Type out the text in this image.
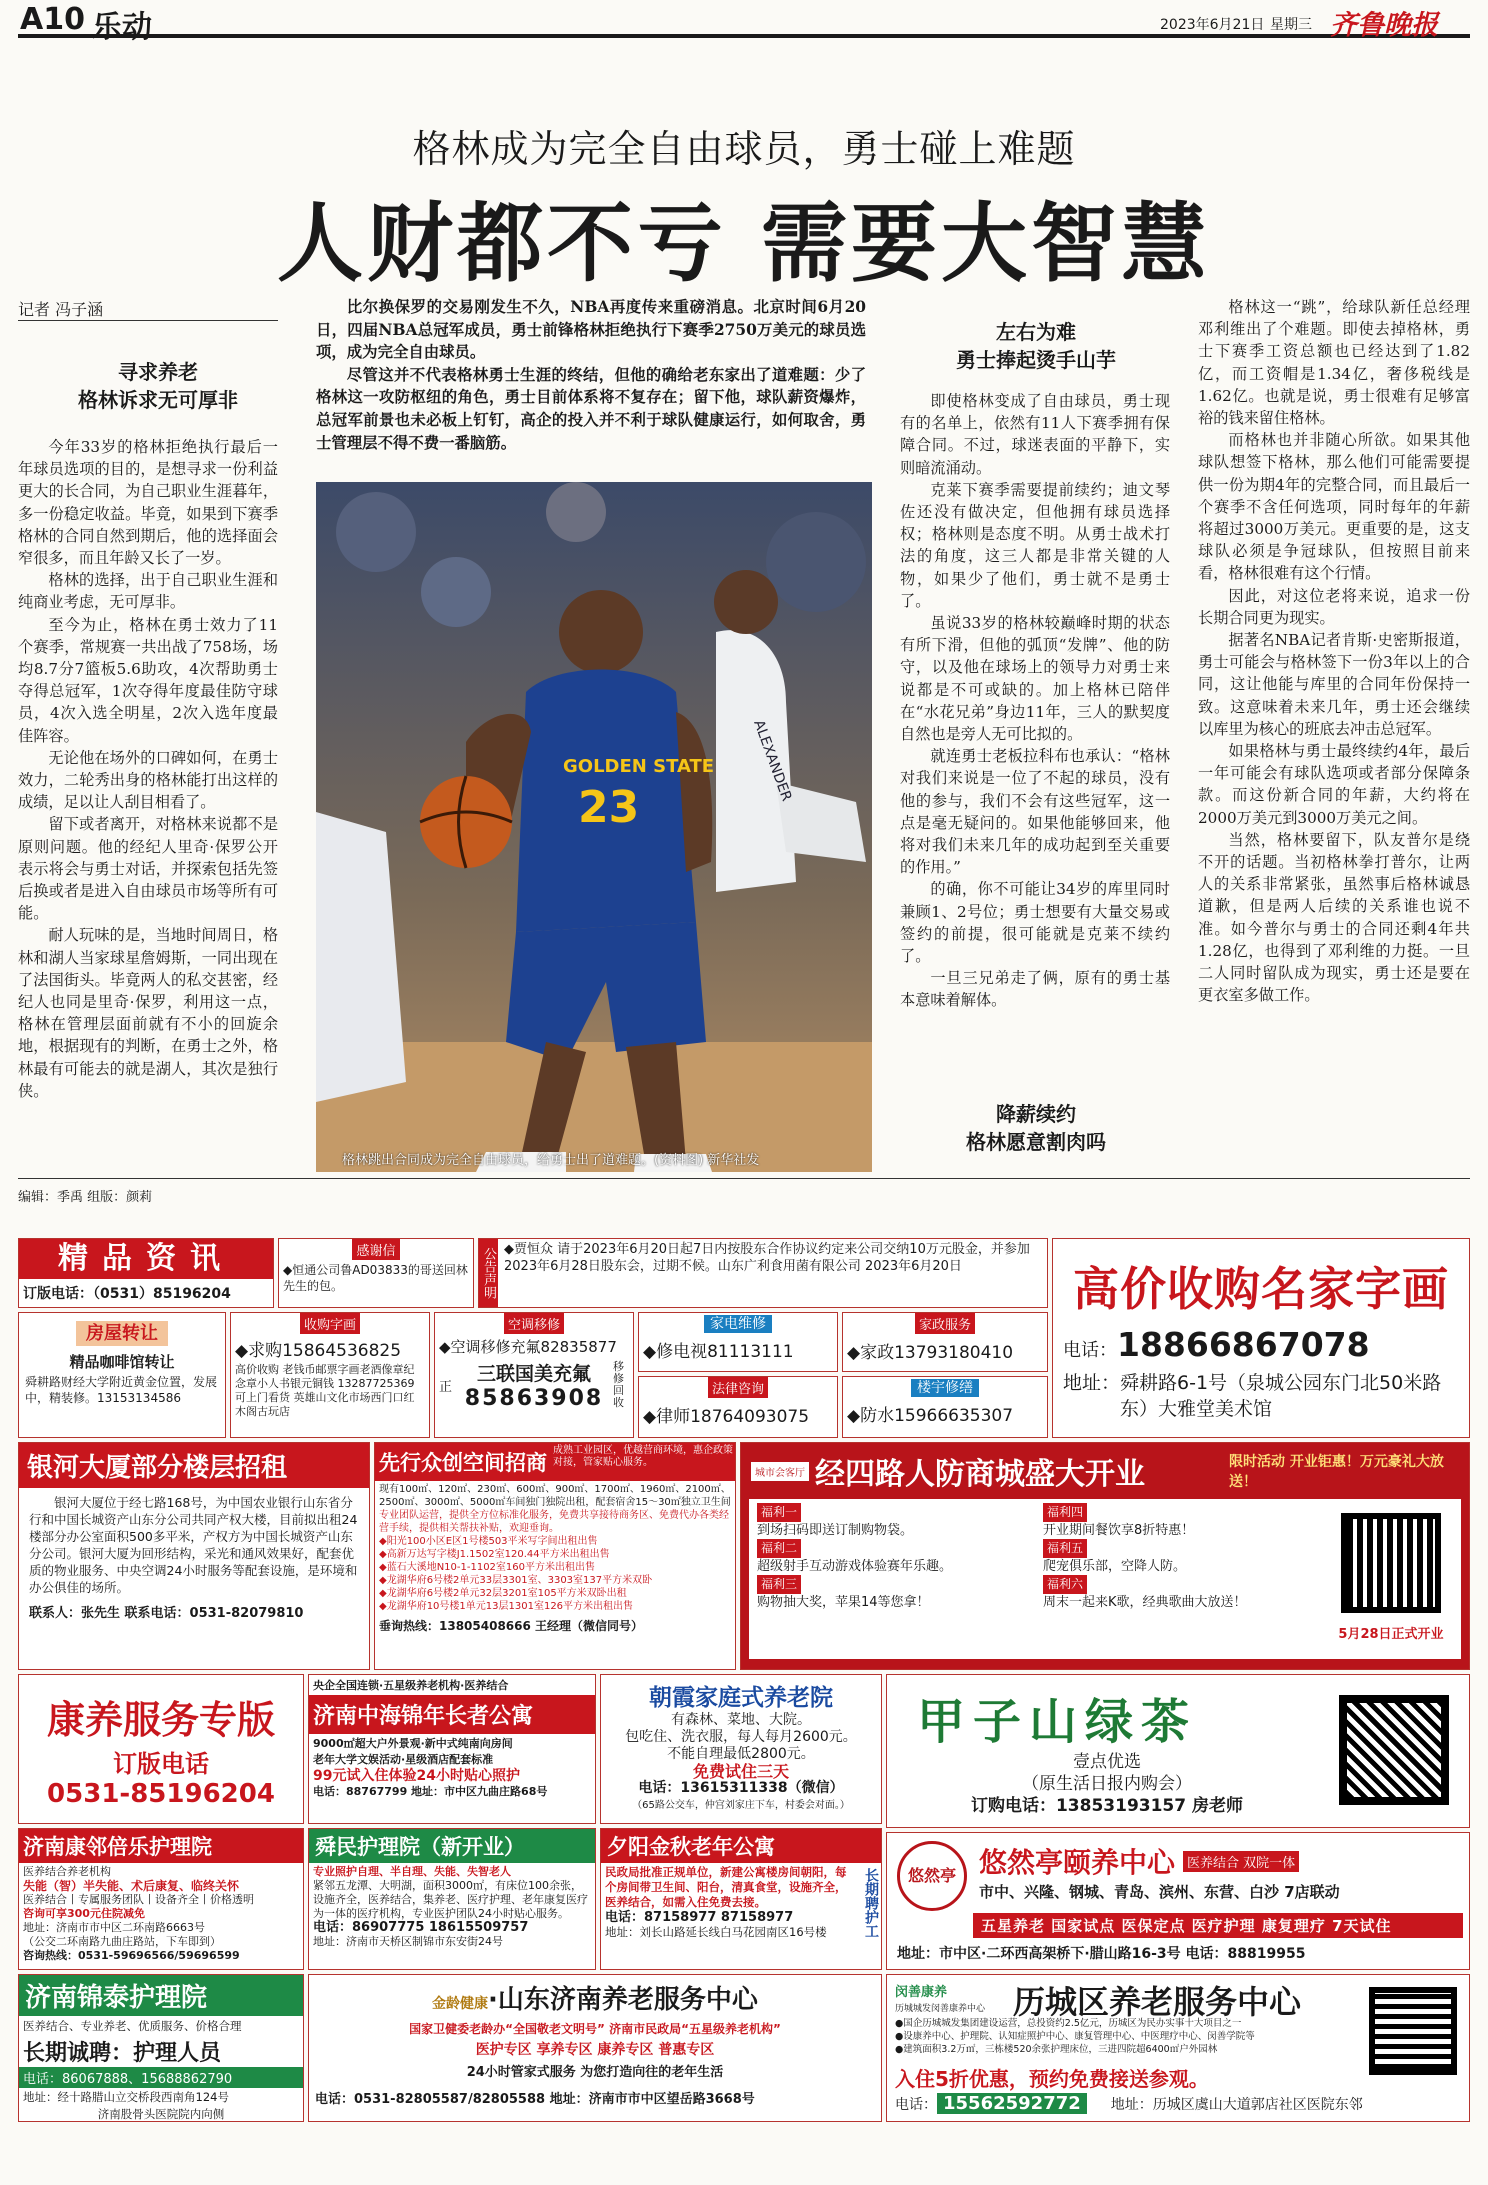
A10 乐动	2023年6月21日 星期三 齐鲁晚报
格林成为完全自由球员，勇士碰上难题
人财都不亏 需要大智慧
记者 冯子涵
寻求养老
格林诉求无可厚非

今年33岁的格林拒绝执行最后一年球员选项的目的，是想寻求一份利益更大的长合同，为自己职业生涯暮年，多一份稳定收益。毕竟，如果到下赛季格林的合同自然到期后，他的选择面会窄很多，而且年龄又长了一岁。

格林的选择，出于自己职业生涯和纯商业考虑，无可厚非。

至今为止，格林在勇士效力了11个赛季，常规赛一共出战了758场，场均8.7分7篮板5.6助攻，4次帮助勇士夺得总冠军，1次夺得年度最佳防守球员，4次入选全明星，2次入选年度最佳阵容。

无论他在场外的口碑如何，在勇士效力，二轮秀出身的格林能打出这样的成绩，足以让人刮目相看了。

留下或者离开，对格林来说都不是原则问题。他的经纪人里奇·保罗公开表示将会与勇士对话，并探索包括先签后换或者是进入自由球员市场等所有可能。

耐人玩味的是，当地时间周日，格林和湖人当家球星詹姆斯，一同出现在了法国街头。毕竟两人的私交甚密，经纪人也同是里奇·保罗，利用这一点，格林在管理层面前就有不小的回旋余地，根据现有的判断，在勇士之外，格林最有可能去的就是湖人，其次是独行侠。

比尔换保罗的交易刚发生不久，NBA再度传来重磅消息。北京时间6月20日，四届NBA总冠军成员，勇士前锋格林拒绝执行下赛季2750万美元的球员选项，成为完全自由球员。

尽管这并不代表格林勇士生涯的终结，但他的确给老东家出了道难题：少了格林这一攻防枢纽的角色，勇士目前体系将不复存在；留下他，球队薪资爆炸，总冠军前景也未必板上钉钉，高企的投入并不利于球队健康运行，如何取舍，勇士管理层不得不费一番脑筋。

GOLDEN STATE
23
ALEXANDER
格林跳出合同成为完全自由球员，给勇士出了道难题。(资料图) 新华社发
左右为难
勇士捧起烫手山芋

即使格林变成了自由球员，勇士现有的名单上，依然有11人下赛季拥有保障合同。不过，球迷表面的平静下，实则暗流涌动。

克莱下赛季需要提前续约；迪文琴佐还没有做决定，但他拥有球员选择权；格林则是态度不明。从勇士战术打法的角度，这三人都是非常关键的人物，如果少了他们，勇士就不是勇士了。

虽说33岁的格林较巅峰时期的状态有所下滑，但他的弧顶“发牌”、他的防守，以及他在球场上的领导力对勇士来说都是不可或缺的。加上格林已陪伴在“水花兄弟”身边11年，三人的默契度自然也是旁人无可比拟的。

就连勇士老板拉科布也承认：“格林对我们来说是一位了不起的球员，没有他的参与，我们不会有这些冠军，这一点是毫无疑问的。如果他能够回来，他将对我们未来几年的成功起到至关重要的作用。”

的确，你不可能让34岁的库里同时兼顾1、2号位；勇士想要有大量交易或签约的前提，很可能就是克莱不续约了。

一旦三兄弟走了俩，原有的勇士基本意味着解体。

降薪续约
格林愿意割肉吗

格林这一“跳”，给球队新任总经理邓利维出了个难题。即使去掉格林，勇士下赛季工资总额也已经达到了1.82亿，而工资帽是1.34亿，奢侈税线是1.62亿。也就是说，勇士很难有足够富裕的钱来留住格林。

而格林也并非随心所欲。如果其他球队想签下格林，那么他们可能需要提供一份为期4年的完整合同，而且最后一个赛季不含任何选项，同时每年的年薪将超过3000万美元。更重要的是，这支球队必须是争冠球队，但按照目前来看，格林很难有这个行情。

因此，对这位老将来说，追求一份长期合同更为现实。

据著名NBA记者肯斯·史密斯报道，勇士可能会与格林签下一份3年以上的合同，这让他能与库里的合同年份保持一致。这意味着未来几年，勇士还会继续以库里为核心的班底去冲击总冠军。

如果格林与勇士最终续约4年，最后一年可能会有球队选项或者部分保障条款。而这份新合同的年薪，大约将在2000万美元到3000万美元之间。

当然，格林要留下，队友普尔是绕不开的话题。当初格林拳打普尔，让两人的关系非常紧张，虽然事后格林诚恳道歉，但是两人后续的关系谁也说不准。如今普尔与勇士的合同还剩4年共1.28亿，也得到了邓利维的力挺。一旦二人同时留队成为现实，勇士还是要在更衣室多做工作。

编辑：季禹 组版：颜莉
精品资讯
订版电话：（0531）85196204
感谢信
◆恒通公司鲁AD03833的哥送回林先生的包。	公告声明 ◆贾恒众 请于2023年6月20日起7日内按股东合作协议约定来公司交纳10万元股金，并参加2023年6月28日股东会，过期不候。山东广利食用菌有限公司 2023年6月20日	高价收购名家字画
电话：18866867078
地址： 舜耕路6-1号（泉城公园东门北50米路东）大雅堂美术馆
房屋转让
精品咖啡馆转让
舜耕路财经大学附近黄金位置，发展中，精装修。13153134586
收购字画
◆求购15864536825
高价收购 老钱币邮票字画老酒像章纪念章小人书银元铜钱 13287725369 可上门看货 英雄山文化市场西门口红木阁古玩店
空调移修
◆空调移修充氟82835877
正
三联国美充氟
85863908
移修回收
家电维修
◆修电视81113111
家政服务
◆家政13793180410
法律咨询
◆律师18764093075
楼宇修缮
◆防水15966635307
银河大厦部分楼层招租
银河大厦位于经七路168号，为中国农业银行山东省分行和中国长城资产山东分公司共同产权大楼，目前拟出租24楼部分办公室面积500多平米，产权方为中国长城资产山东分公司。银河大厦为回形结构，采光和通风效果好，配套优质的物业服务、中央空调24小时服务等配套设施，是环境和办公俱佳的场所。
联系人：张先生 联系电话：0531-82079810
先行众创空间招商
成熟工业园区，优越营商环境，惠企政策对接，管家贴心服务。
现有100㎡、120㎡、230㎡、600㎡、900㎡、1700㎡、1960㎡、2100㎡、2500㎡、3000㎡、5000㎡车间独门独院出租，配套宿舍15～30㎡独立卫生间
专业团队运营，提供全方位标准化服务，免费共享接待商务区、免费代办各类经营手续，提供相关帮扶补贴，欢迎垂询。
◆阳光100小区E区1号楼503平米写字间出租出售
◆高新万达写字楼J1.1502室120.44平方米出租出售
◆蓝石大溪地N10-1-1102室160平方米出租出售
◆龙湖华府6号楼2单元33层3301室、3303室137平方米双卧
◆龙湖华府6号楼2单元32层3201室105平方米双卧出租
◆龙湖华府10号楼1单元13层1301室126平方米出租出售
垂询热线：13805408666 王经理（微信同号）
城市会客厅 经四路人防商城盛大开业	限时活动 开业钜惠！万元豪礼大放送！
福利一
到场扫码即送订制购物袋。
福利二
超级射手互动游戏体验赛年乐趣。
福利三
购物抽大奖，苹果14等您拿！
福利四
开业期间餐饮享8折特惠！
福利五
爬宠俱乐部，空降人防。
福利六
周末一起来K歌，经典歌曲大放送！
5月28日正式开业
康养服务专版
订版电话
0531-85196204
央企全国连锁·五星级养老机构·医养结合
济南中海锦年长者公寓
9000㎡超大户外景观·新中式纯南向房间
老年大学文娱活动·星级酒店配套标准
99元试入住体验24小时贴心照护
电话：88767799 地址：市中区九曲庄路68号
朝霞家庭式养老院
有森林、菜地、大院。
包吃住、洗衣服，每人每月2600元。
不能自理最低2800元。
免费试住三天
电话：13615311338（微信）
（65路公交车，仲宫刘家庄下车，村委会对面。）
甲子山绿茶
壹点优选
（原生活日报内购会）
订购电话：13853193157 房老师
济南康邻倍乐护理院
医养结合养老机构
失能（智）半失能、术后康复、临终关怀
医养结合丨专属服务团队丨设备齐全丨价格透明
咨询可享300元住院减免
地址：济南市市中区二环南路6663号
（公交二环南路九曲庄路站，下车即到）
咨询热线：0531-59696566/59696599
舜民护理院（新开业）
专业照护自理、半自理、失能、失智老人
紧邻五龙潭、大明湖，面积3000㎡，有床位100余张，设施齐全，医养结合，集养老、医疗护理、老年康复医疗为一体的医疗机构，专业医护团队24小时贴心服务。
电话：86907775 18615509757
地址：济南市天桥区制锦市东安街24号
夕阳金秋老年公寓
民政局批准正规单位，新建公寓楼房间朝阳，每个房间带卫生间、阳台，清真食堂，设施齐全，医养结合，如需入住免费去接。
电话：87158977 87158977
地址：刘长山路延长线白马花园南区16号楼	长期聘护工	悠然亭 悠然亭颐养中心 医养结合 双院一体
市中、兴隆、钢城、青岛、滨州、东营、白沙 7店联动
五星养老 国家试点 医保定点 医疗护理 康复理疗 7天试住
地址：市中区·二环西高架桥下·腊山路16-3号 电话：88819955
济南锦泰护理院
医养结合、专业养老、优质服务、价格合理
长期诚聘：护理人员
电话：86067888、15688862790
地址：经十路腊山立交桥段西南角124号
济南股骨头医院院内向侧
金龄健康·山东济南养老服务中心
国家卫健委老龄办“全国敬老文明号” 济南市民政局“五星级养老机构”
医护专区 享养专区 康养专区 普惠专区
24小时管家式服务 为您打造向往的老年生活
电话：0531-82805587/82805588 地址：济南市市中区望岳路3668号
闵善康养
历城城发闵善康养中心 历城区养老服务中心
●国企历城城发集团建设运营，总投资约2.5亿元，历城区为民办实事十大项目之一
●设康养中心、护理院、认知症照护中心、康复管理中心、中医理疗中心、闵善学院等
●建筑面积3.2万㎡，三栋楼520余张护理床位，三进四院超6400㎡户外园林
入住5折优惠，预约免费接送参观。
电话： 15562592772	地址：历城区虞山大道郭店社区医院东邻
